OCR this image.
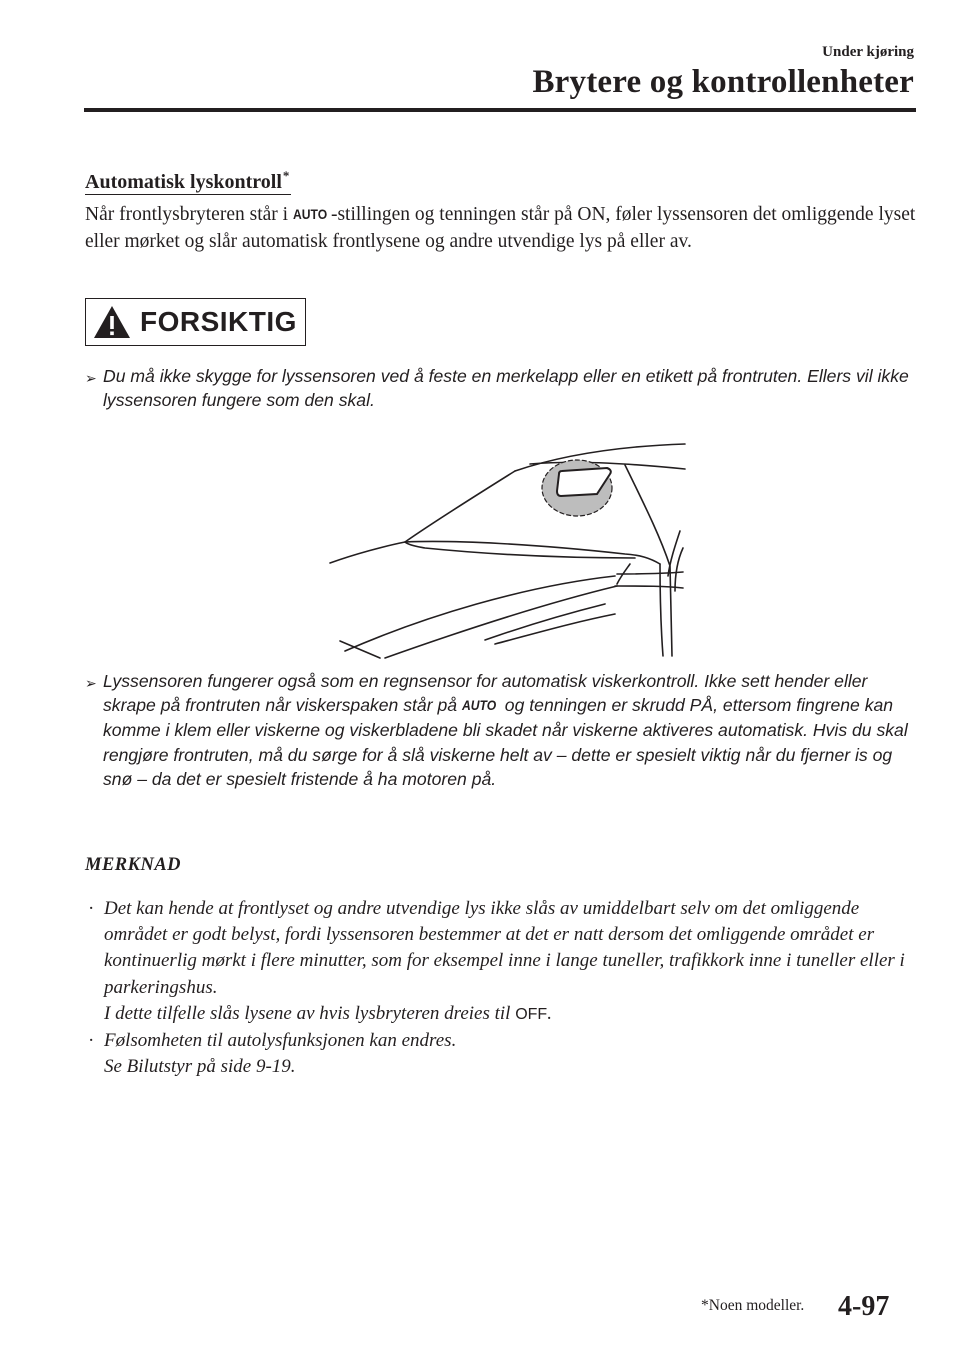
Under kjøring
Brytere og kontrollenheter
Automatisk lyskontroll*
Når frontlysbryteren står i AUTO -stillingen og tenningen står på ON, føler lyssensoren det omliggende lyset eller mørket og slår automatisk frontlysene og andre utvendige lys på eller av.
FORSIKTIG
➢ Du må ikke skygge for lyssensoren ved å feste en merkelapp eller en etikett på frontruten. Ellers vil ikke lyssensoren fungere som den skal.
➢ Lyssensoren fungerer også som en regnsensor for automatisk viskerkontroll. Ikke sett hender eller skrape på frontruten når viskerspaken står på AUTO og tenningen er skrudd PÅ, ettersom fingrene kan komme i klem eller viskerne og viskerbladene bli skadet når viskerne aktiveres automatisk. Hvis du skal rengjøre frontruten, må du sørge for å slå viskerne helt av – dette er spesielt viktig når du fjerner is og snø – da det er spesielt fristende å ha motoren på.
MERKNAD
· Det kan hende at frontlyset og andre utvendige lys ikke slås av umiddelbart selv om det omliggende området er godt belyst, fordi lyssensoren bestemmer at det er natt dersom det omliggende området er kontinuerlig mørkt i flere minutter, som for eksempel inne i lange tuneller, trafikkork inne i tuneller eller i parkeringshus.
I dette tilfelle slås lysene av hvis lysbryteren dreies til OFF.
· Følsomheten til autolysfunksjonen kan endres.
Se Bilutstyr på side 9-19.
*Noen modeller. 4-97
